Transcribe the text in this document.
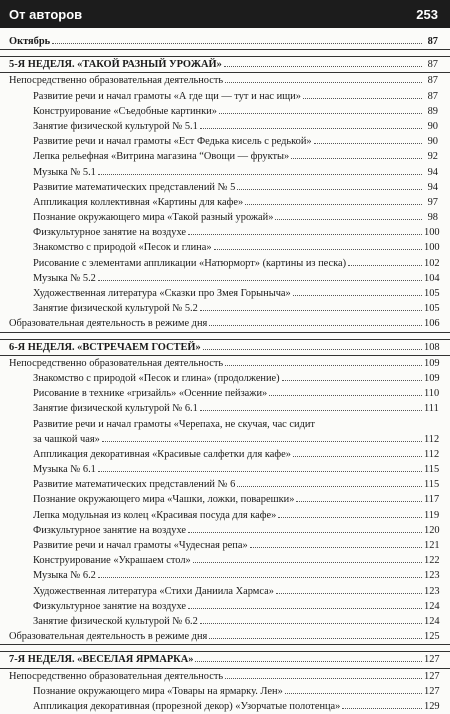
От авторов	253
Октябрь	87
5-Я НЕДЕЛЯ. «ТАКОЙ РАЗНЫЙ УРОЖАЙ»	87
Непосредственно образовательная деятельность	87
Развитие речи и начал грамоты «А где щи — тут и нас ищи»	87
Конструирование «Съедобные картинки»	89
Занятие физической культурой № 5.1	90
Развитие речи и начал грамоты «Ест Федька кисель с редькой»	90
Лепка рельефная «Витрина магазина “Овощи — фрукты»	92
Музыка № 5.1	94
Развитие математических представлений № 5	94
Аппликация коллективная «Картины для кафе»	97
Познание окружающего мира «Такой разный урожай»	98
Физкультурное занятие на воздухе	100
Знакомство с природой «Песок и глина»	100
Рисование с элементами аппликации «Натюрморт» (картины из песка)	102
Музыка № 5.2	104
Художественная литература «Сказки про Змея Горыныча»	105
Занятие физической культурой № 5.2	105
Образовательная деятельность в режиме дня	106
6-Я НЕДЕЛЯ. «ВСТРЕЧАЕМ ГОСТЕЙ»	108
Непосредственно образовательная деятельность	109
Знакомство с природой «Песок и глина» (продолжение)	109
Рисование в технике «гризайль» «Осенние пейзажи»	110
Занятие физической культурой № 6.1	111
Развитие речи и начал грамоты «Черепаха, не скучая, час сидит
за чашкой чая»	112
Аппликация декоративная «Красивые салфетки для кафе»	112
Музыка № 6.1	115
Развитие математических представлений № 6	115
Познание окружающего мира «Чашки, ложки, поварешки»	117
Лепка модульная из колец «Красивая посуда для кафе»	119
Физкультурное занятие на воздухе	120
Развитие речи и начал грамоты «Чудесная репа»	121
Конструирование «Украшаем стол»	122
Музыка № 6.2	123
Художественная литература «Стихи Даниила Хармса»	123
Физкультурное занятие на воздухе	124
Занятие физической культурой № 6.2	124
Образовательная деятельность в режиме дня	125
7-Я НЕДЕЛЯ. «ВЕСЕЛАЯ ЯРМАРКА»	127
Непосредственно образовательная деятельность	127
Познание окружающего мира «Товары на ярмарку. Лен»	127
Аппликация декоративная (прорезной декор) «Узорчатые полотенца»	129
